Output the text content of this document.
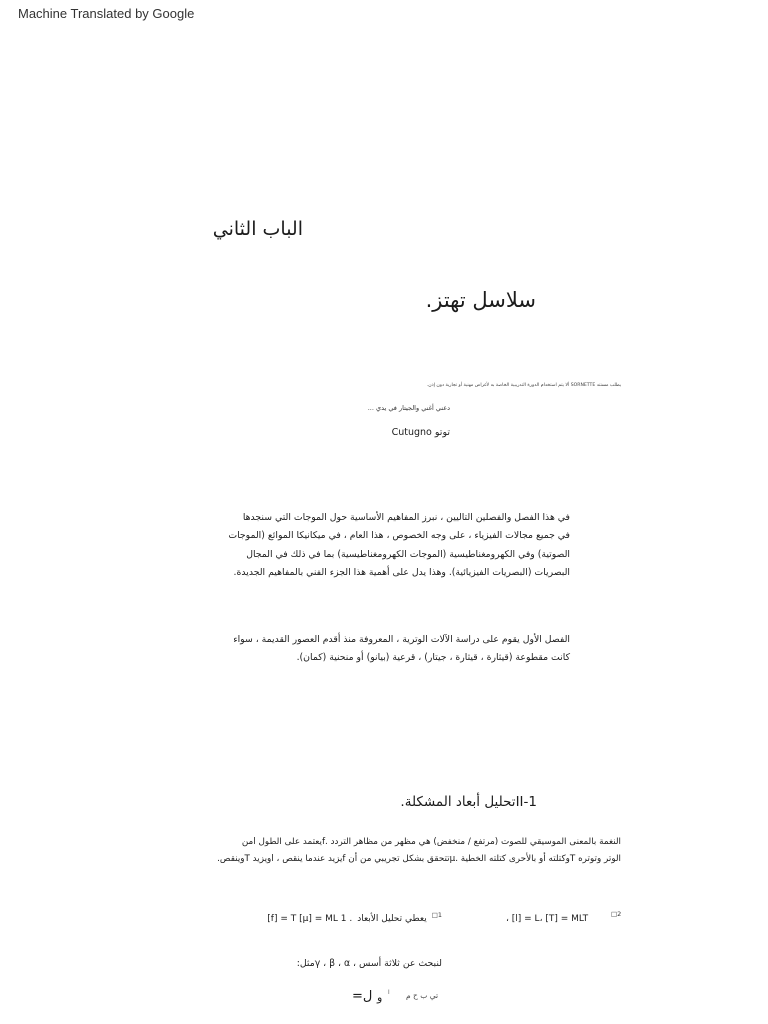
Machine Translated by Google
الباب الثاني
سلاسل تهتز.
يطلب مستند SORNETTE ألا يتم استخدام الدورة التدريبية الخاصة به لأغراض مهنية أو تجارية دون إذن.
دعني أغني والجيتار في يدي ...
توتو Cutugno
في هذا الفصل والفصلين التاليين ، نبرز المفاهيم الأساسية حول الموجات التي سنجدها
في جميع مجالات الفيزياء ، على وجه الخصوص ، هذا العام ، في ميكانيكا الموائع (الموجات
الصوتية) وفي الكهرومغناطيسية (الموجات الكهرومغناطيسية) بما في ذلك في المجال
البصريات (البصريات الفيزيائية). وهذا يدل على أهمية هذا الجزء الفني بالمفاهيم الجديدة.
الفصل الأول يقوم على دراسة الآلات الوترية ، المعروفة منذ أقدم العصور القديمة ، سواء
كانت مقطوعة (قيثارة ، قيثارة ، جيتار) ، قرعية (بيانو) أو منحنية (كمان).
II-1تحليل أبعاد المشكلة.
النغمة بالمعنى الموسيقي للصوت (مرتفع / منخفض) هي مظهر من مظاهر التردد .fيعتمد على الطول lمن
الوتر وتوتره Tوكتلته أو بالأحرى كتلته الخطية .μتتحقق بشكل تجريبي من أن fيزيد عندما ينقص ، lويزيد Tوينقص.
[f] = T [μ] = ML 1 . يعطي تحليل الأبعاد □1	، [l] = L، [T] = MLT	□2
لنبحث عن ثلاثة أسس ، γ ، β ، αمثل:
ل= و ا تي ب ح م
